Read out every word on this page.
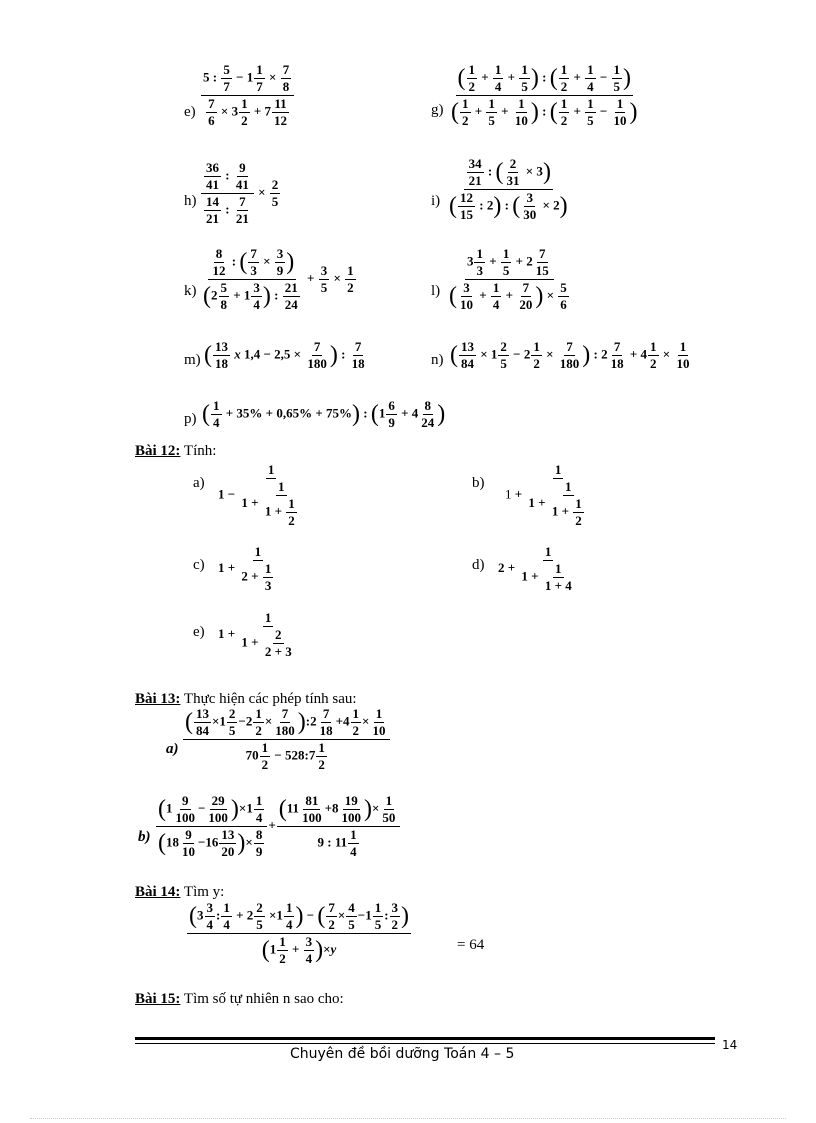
$e) \frac{5 : \frac{5}{7} - 1 \frac{1}{7} \times \frac{7}{8}}{\frac{7}{6} \times 3 \frac{1}{2} + 7 \frac{11}{12}}$	$g) \frac{( \frac{1}{2} + \frac{1}{4} + \frac{1}{5} ) : ( \frac{1}{2} + \frac{1}{4} - \frac{1}{5} )}{( \frac{1}{2} + \frac{1}{5} + \frac{1}{10} ) : ( \frac{1}{2} + \frac{1}{5} - \frac{1}{10} )}$
$h) \frac{\frac{36}{41} : \frac{9}{41}}{\frac{14}{21} : \frac{7}{21}} \times \frac{2}{5}$	$i) \frac{\frac{34}{21} : ( \frac{2}{31} \times 3)}{( \frac{12}{15} : 2) : ( \frac{3}{30} \times 2)}$
$k) \frac{\frac{8}{12} : ( \frac{7}{3} \times \frac{3}{9} )}{(2 \frac{5}{8} + 1 \frac{3}{4} ) : \frac{21}{24}} + \frac{3}{5} \times \frac{1}{2}$	$l) \frac{3 \frac{1}{3} + \frac{1}{5} + 2 \frac{7}{15}}{( \frac{3}{10} + \frac{1}{4} + \frac{7}{20} ) \times \frac{5}{6}}$
m) ( $\frac{13}{18}$ x $1,4 - 2,5 \times \frac{7}{180}$ ) : $\frac{7}{18}$	n) ( $\frac{13}{84} \times 1 \frac{2}{5} - 2 \frac{1}{2} \times \frac{7}{180}$ ) : $2 \frac{7}{18} + 4 \frac{1}{2} \times \frac{1}{10}$
p) ( $\frac{1}{4} + 35\% + 0,65\% + 75\%$) : ($1 \frac{6}{9} + 4 \frac{8}{24}$ )
Bài 12: Tính:
a)
$1 - \frac{1}{1 + \frac{1}{1 + \frac{1}{2}}}$	b)
$1 + \frac{1}{1 + \frac{1}{1 + \frac{1}{2}}}$
c) $1 + \frac{1}{2 + \frac{1}{3}}$	d) $2 + \frac{1}{1 + \frac{1}{1 + 4}}$
e) $1 + \frac{1}{1 + \frac{2}{2 + 3}}$
Bài 13: Thực hiện các phép tính sau:
$a) \frac{( \frac{13}{84} \times 1 \frac{2}{5} -2 \frac{1}{2} \times \frac{7}{180} ):2 \frac{7}{18} +4 \frac{1}{2} \times \frac{1}{10}}{70 \frac{1}{2} - 528:7 \frac{1}{2}}$
$b) \frac{(1 \frac{9}{100} - \frac{29}{100} )\times 1 \frac{1}{4}}{(18 \frac{9}{10} -16 \frac{13}{20} )\times \frac{8}{9}} + \frac{(11 \frac{81}{100} +8 \frac{19}{100} )\times \frac{1}{50}}{9 : 11 \frac{1}{4}}$
Bài 14: Tìm y:
$\frac{(3 \frac{3}{4} : \frac{1}{4} + 2 \frac{2}{5} \times 1 \frac{1}{4} ) - ( \frac{7}{2} \times \frac{4}{5} -1 \frac{1}{5} : \frac{3}{2} )}{(1 \frac{1}{2} + \frac{3}{4} )\times y}$	= 64
Bài 15: Tìm số tự nhiên n sao cho:
Chuyên đề bồi dưỡng Toán 4 – 5
14
